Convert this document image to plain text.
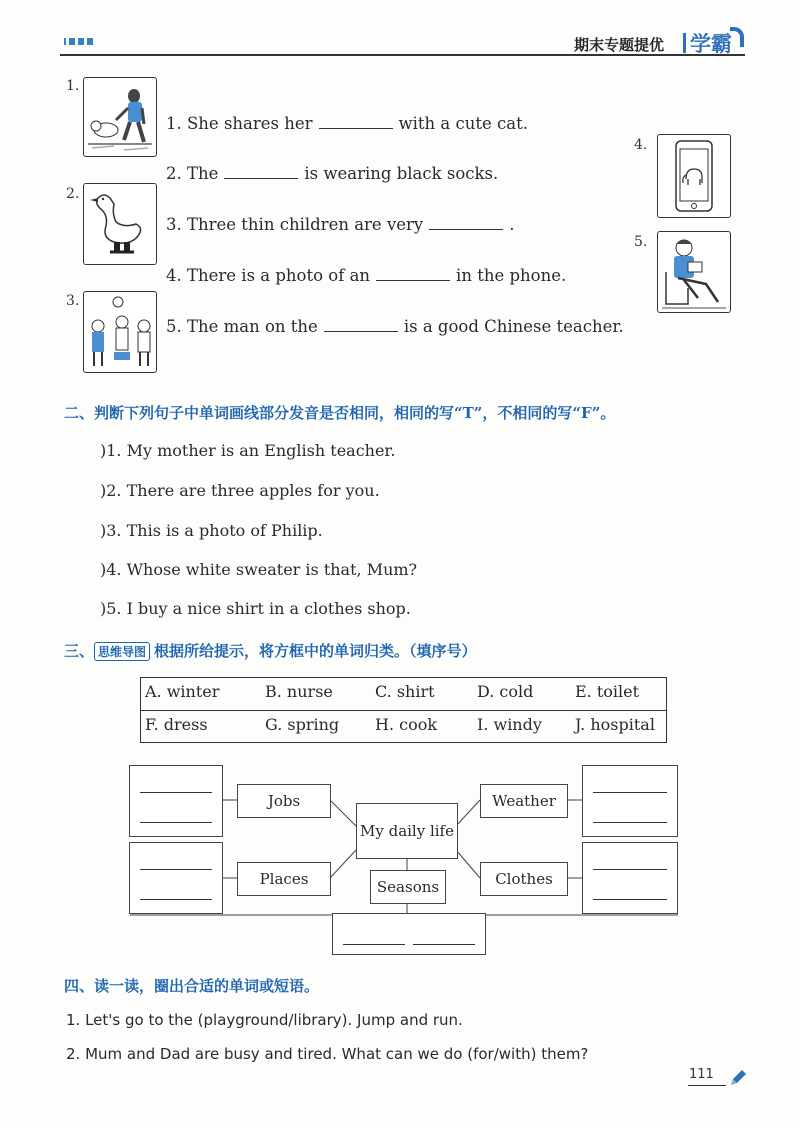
期末专题提优 学霸
1.
2.
3.
4.
5.
1. She shares her	with a cute cat.
2. The	is wearing black socks.
3. Three thin children are very	.
4. There is a photo of an	in the phone.
5. The man on the	is a good Chinese teacher.
二、判断下列句子中单词画线部分发音是否相同，相同的写“T”，不相同的写“F”。
)1. My mother is an English teacher.
)2. There are three apples for you.
)3. This is a photo of Philip.
)4. Whose white sweater is that, Mum?
)5. I buy a nice shirt in a clothes shop.
三、 思维导图 根据所给提示，将方框中的单词归类。（填序号）
A. winter	B. nurse	C. shirt	D. cold	E. toilet
F. dress	G. spring H. cook I. windy J. hospital
Jobs
Places
My daily life
Seasons
Weather
Clothes
四、读一读，圈出合适的单词或短语。
1. Let's go to the (playground/library). Jump and run.
2. Mum and Dad are busy and tired. What can we do (for/with) them?
111
